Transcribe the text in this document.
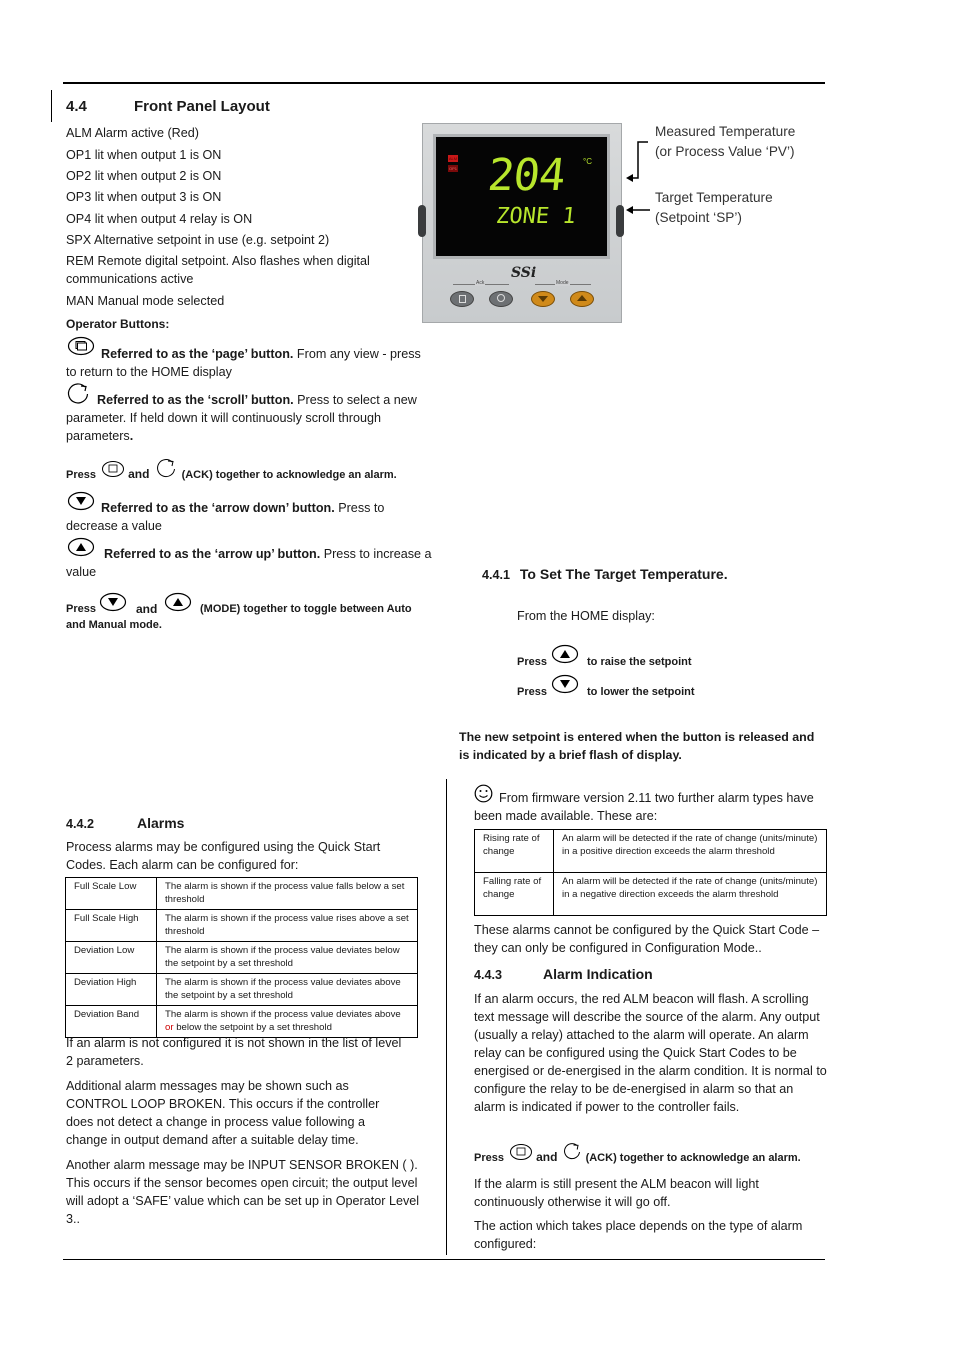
4.4	Front Panel Layout
ALM Alarm active (Red)
OP1 lit when output 1 is ON
OP2 lit when output 2 is ON
OP3 lit when output 3 is ON
OP4 lit when output 4 relay is ON
SPX Alternative setpoint in use (e.g. setpoint 2)
REM Remote digital setpoint. Also flashes when digital communications active
MAN Manual mode selected
Operator Buttons:
Referred to as the ‘page’ button. From any view - press to return to the HOME display
Referred to as the ‘scroll’ button. Press to select a new parameter. If held down it will continuously scroll through parameters.
Press	and	(ACK) together to acknowledge an alarm.
Referred to as the ‘arrow down’ button. Press to decrease a value
Referred to as the ‘arrow up’ button. Press to increase a value
Press	and	(MODE) together to toggle between Auto and Manual mode.
ALM
OP1 204 °C
ZONE 1
SSi
Ack	Mode
Measured Temperature
(or Process Value ‘PV’)
Target Temperature
(Setpoint ‘SP’)
4.4.1 To Set The Target Temperature.
From the HOME display:
Press	to raise the setpoint
Press	to lower the setpoint
The new setpoint is entered when the button is released and is indicated by a brief flash of display.
4.4.2	Alarms
Process alarms may be configured using the Quick Start Codes. Each alarm can be configured for:
Full Scale Low	The alarm is shown if the process value falls below a set threshold
Full Scale High	The alarm is shown if the process value rises above a set threshold
Deviation Low	The alarm is shown if the process value deviates below the setpoint by a set threshold
Deviation High	The alarm is shown if the process value deviates above the setpoint by a set threshold
Deviation Band	The alarm is shown if the process value deviates above or below the setpoint by a set threshold
If an alarm is not configured it is not shown in the list of level 2 parameters.
Additional alarm messages may be shown such as CONTROL LOOP BROKEN. This occurs if the controller does not detect a change in process value following a change in output demand after a suitable delay time.
Another alarm message may be INPUT SENSOR BROKEN ( ). This occurs if the sensor becomes open circuit; the output level will adopt a ‘SAFE’ value which can be set up in Operator Level 3..
From firmware version 2.11 two further alarm types have been made available. These are:
Rising rate of change	An alarm will be detected if the rate of change (units/minute) in a positive direction exceeds the alarm threshold
Falling rate of change	An alarm will be detected if the rate of change (units/minute) in a negative direction exceeds the alarm threshold
These alarms cannot be configured by the Quick Start Code – they can only be configured in Configuration Mode..
4.4.3	Alarm Indication
If an alarm occurs, the red ALM beacon will flash. A scrolling text message will describe the source of the alarm. Any output (usually a relay) attached to the alarm will operate. An alarm relay can be configured using the Quick Start Codes to be energised or de-energised in the alarm condition. It is normal to configure the relay to be de-energised in alarm so that an alarm is indicated if power to the controller fails.
Press	and	(ACK) together to acknowledge an alarm.
If the alarm is still present the ALM beacon will light continuously otherwise it will go off.
The action which takes place depends on the type of alarm configured:
